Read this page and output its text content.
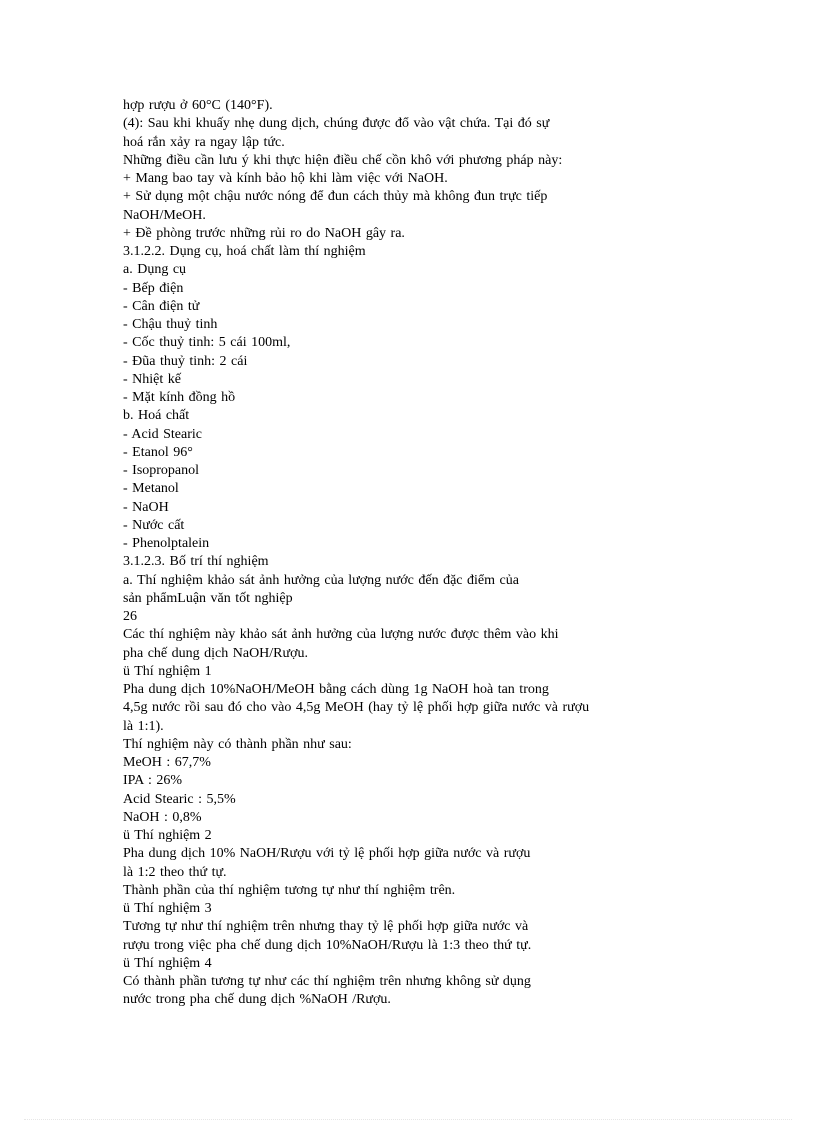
hợp rượu ở 60°C (140°F).
(4): Sau khi khuấy nhẹ dung dịch, chúng được đổ vào vật chứa. Tại đó sự
hoá rắn xảy ra ngay lập tức.
Những điều cần lưu ý khi thực hiện điều chế cồn khô với phương pháp này:
+ Mang bao tay và kính bảo hộ khi làm việc với NaOH.
+ Sử dụng một chậu nước nóng để đun cách thủy mà không đun trực tiếp
NaOH/MeOH.
+ Đề phòng trước những rủi ro do NaOH gây ra.
3.1.2.2. Dụng cụ, hoá chất làm thí nghiệm
a. Dụng cụ
- Bếp điện
- Cân điện tử
- Chậu thuỷ tinh
- Cốc thuỷ tinh: 5 cái 100ml,
- Đũa thuỷ tinh: 2 cái
- Nhiệt kế
- Mặt kính đồng hồ
b. Hoá chất
- Acid Stearic
- Etanol 96°
- Isopropanol
- Metanol
- NaOH
- Nước cất
- Phenolptalein
3.1.2.3. Bố trí thí nghiệm
a. Thí nghiệm khảo sát ảnh hưởng của lượng nước đến đặc điểm của
sản phẩmLuận văn tốt nghiệp
26
Các thí nghiệm này khảo sát ảnh hưởng của lượng nước được thêm vào khi
pha chế dung dịch NaOH/Rượu.
ü Thí nghiệm 1
Pha dung dịch 10%NaOH/MeOH bằng cách dùng 1g NaOH hoà tan trong
4,5g nước rồi sau đó cho vào 4,5g MeOH (hay tỷ lệ phối hợp giữa nước và rượu
là 1:1).
Thí nghiệm này có thành phần như sau:
MeOH : 67,7%
IPA : 26%
Acid Stearic : 5,5%
NaOH : 0,8%
ü Thí nghiệm 2
Pha dung dịch 10% NaOH/Rượu với tỷ lệ phối hợp giữa nước và rượu
là 1:2 theo thứ tự.
Thành phần của thí nghiệm tương tự như thí nghiệm trên.
ü Thí nghiệm 3
Tương tự như thí nghiệm trên nhưng thay tỷ lệ phối hợp giữa nước và
rượu trong việc pha chế dung dịch 10%NaOH/Rượu là 1:3 theo thứ tự.
ü Thí nghiệm 4
Có thành phần tương tự như các thí nghiệm trên nhưng không sử dụng
nước trong pha chế dung dịch %NaOH /Rượu.
